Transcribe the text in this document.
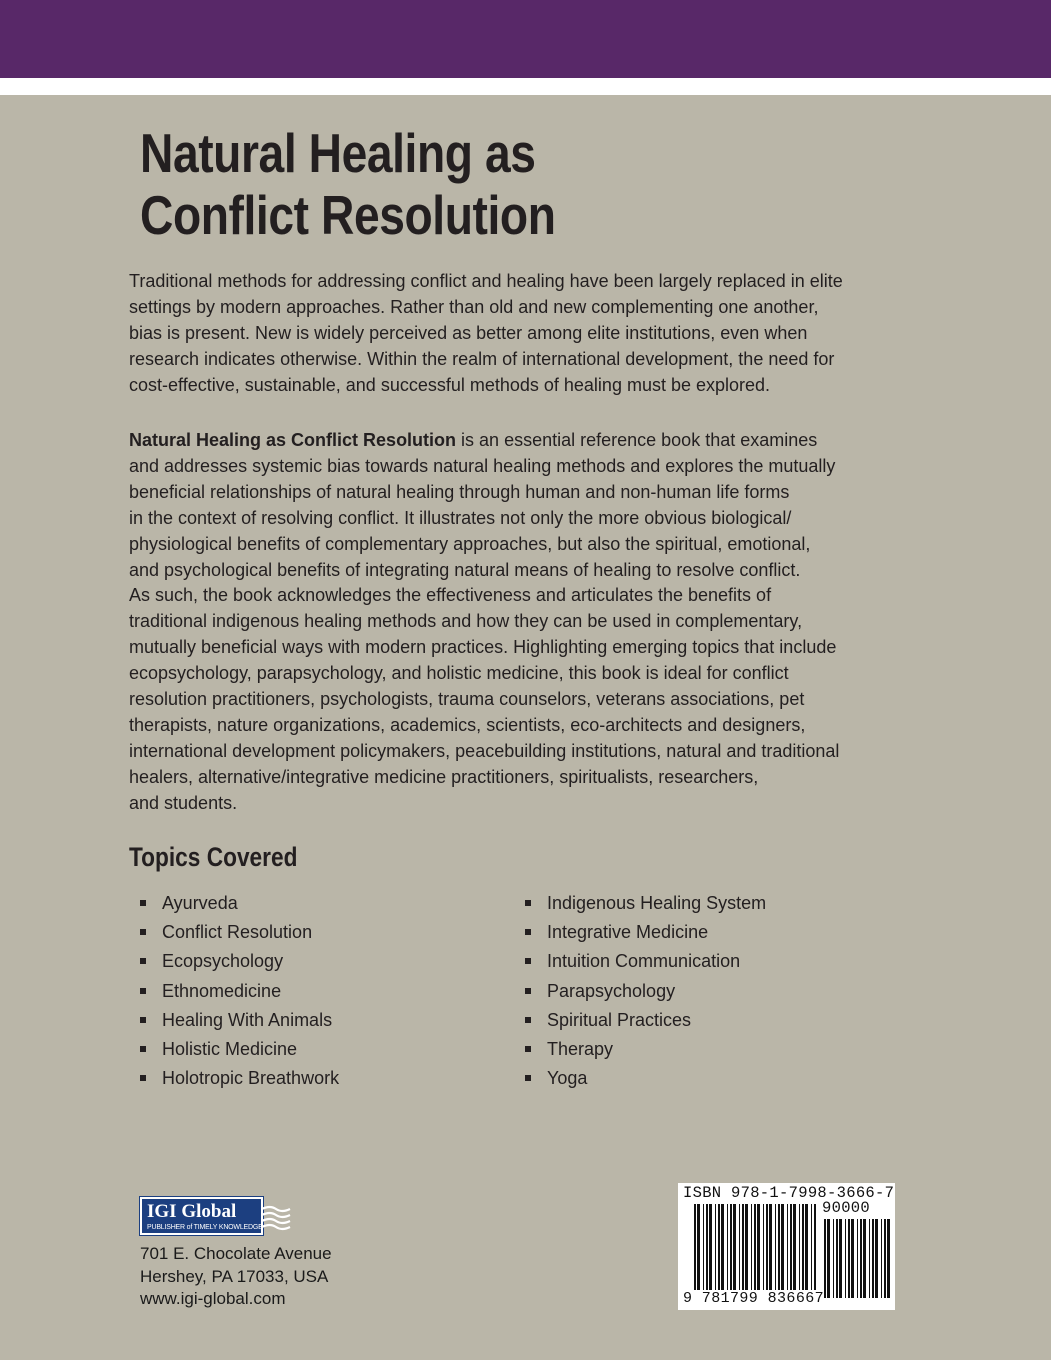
Natural Healing as
Conflict Resolution

Traditional methods for addressing conflict and healing have been largely replaced in elite
settings by modern approaches. Rather than old and new complementing one another,
bias is present. New is widely perceived as better among elite institutions, even when
research indicates otherwise. Within the realm of international development, the need for
cost-effective, sustainable, and successful methods of healing must be explored.

Natural Healing as Conflict Resolution is an essential reference book that examines
and addresses systemic bias towards natural healing methods and explores the mutually
beneficial relationships of natural healing through human and non-human life forms
in the context of resolving conflict. It illustrates not only the more obvious biological/
physiological benefits of complementary approaches, but also the spiritual, emotional,
and psychological benefits of integrating natural means of healing to resolve conflict.
As such, the book acknowledges the effectiveness and articulates the benefits of
traditional indigenous healing methods and how they can be used in complementary,
mutually beneficial ways with modern practices. Highlighting emerging topics that include
ecopsychology, parapsychology, and holistic medicine, this book is ideal for conflict
resolution practitioners, psychologists, trauma counselors, veterans associations, pet
therapists, nature organizations, academics, scientists, eco-architects and designers,
international development policymakers, peacebuilding institutions, natural and traditional
healers, alternative/integrative medicine practitioners, spiritualists, researchers,
and students.

Topics Covered
Ayurveda
Conflict Resolution
Ecopsychology
Ethnomedicine
Healing With Animals
Holistic Medicine
Holotropic Breathwork
Indigenous Healing System
Integrative Medicine
Intuition Communication
Parapsychology
Spiritual Practices
Therapy
Yoga
IGI Global
PUBLISHER of TIMELY KNOWLEDGE

701 E. Chocolate Avenue
Hershey, PA 17033, USA
www.igi-global.com

ISBN 978-1-7998-3666-7

90000

9 781799 836667
